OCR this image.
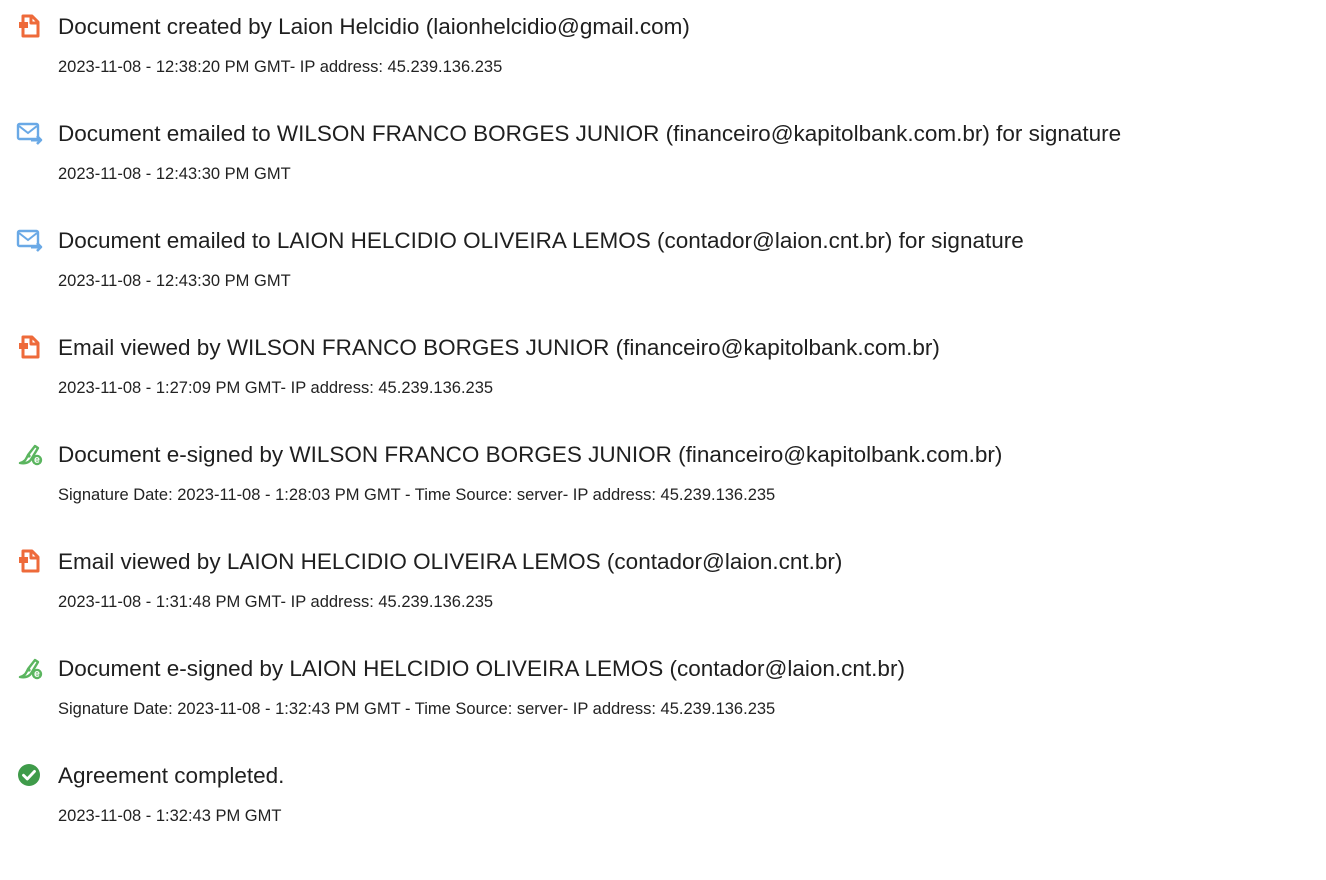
Document created by Laion Helcidio (laionhelcidio@gmail.com)
2023-11-08 - 12:38:20 PM GMT- IP address: 45.239.136.235
Document emailed to WILSON FRANCO BORGES JUNIOR (financeiro@kapitolbank.com.br) for signature
2023-11-08 - 12:43:30 PM GMT
Document emailed to LAION HELCIDIO OLIVEIRA LEMOS (contador@laion.cnt.br) for signature
2023-11-08 - 12:43:30 PM GMT
Email viewed by WILSON FRANCO BORGES JUNIOR (financeiro@kapitolbank.com.br)
2023-11-08 - 1:27:09 PM GMT- IP address: 45.239.136.235
Document e-signed by WILSON FRANCO BORGES JUNIOR (financeiro@kapitolbank.com.br)
Signature Date: 2023-11-08 - 1:28:03 PM GMT - Time Source: server- IP address: 45.239.136.235
Email viewed by LAION HELCIDIO OLIVEIRA LEMOS (contador@laion.cnt.br)
2023-11-08 - 1:31:48 PM GMT- IP address: 45.239.136.235
Document e-signed by LAION HELCIDIO OLIVEIRA LEMOS (contador@laion.cnt.br)
Signature Date: 2023-11-08 - 1:32:43 PM GMT - Time Source: server- IP address: 45.239.136.235
Agreement completed.
2023-11-08 - 1:32:43 PM GMT
